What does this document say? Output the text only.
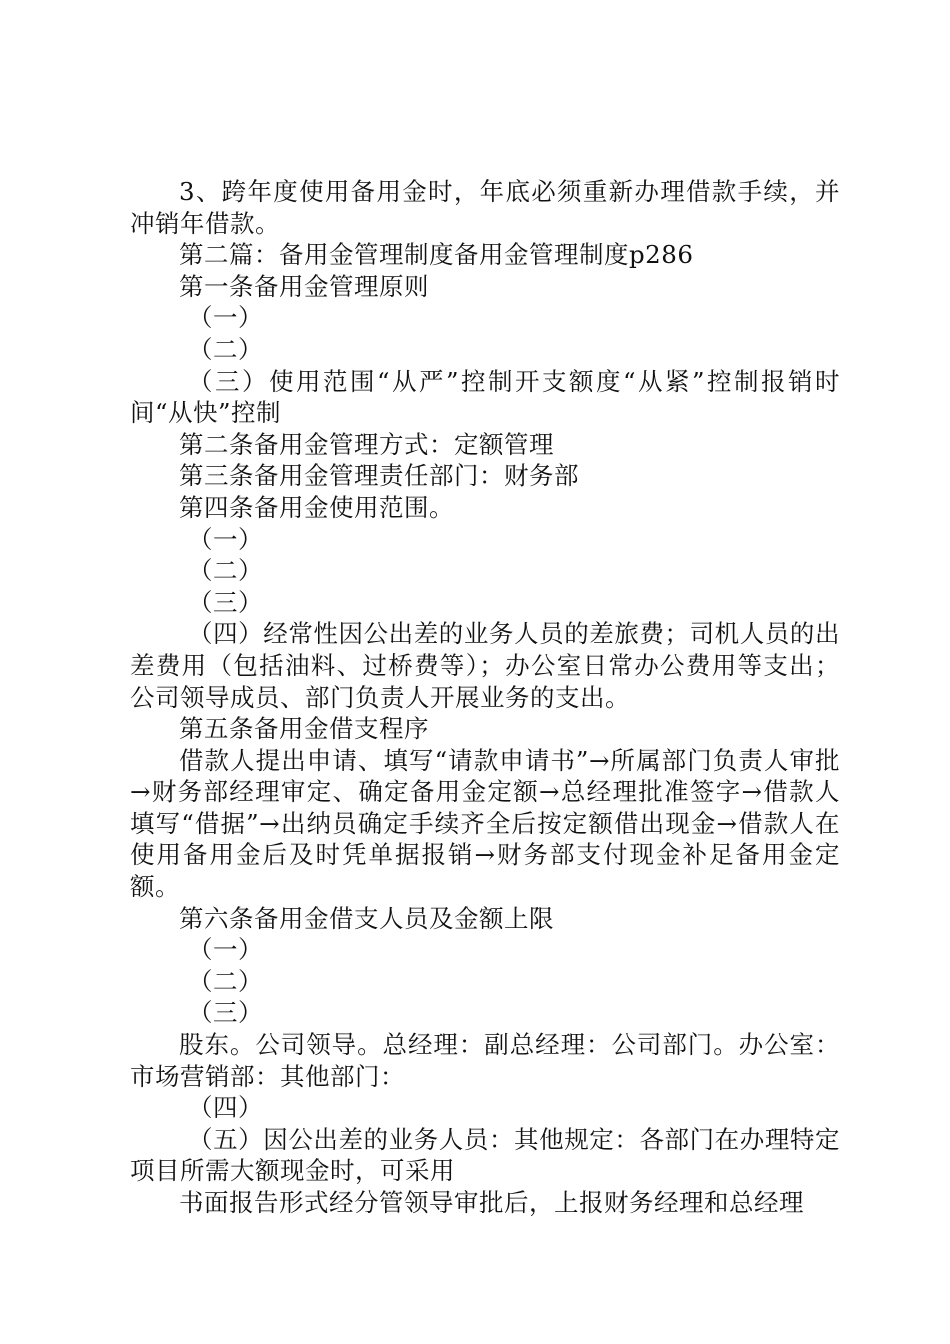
3、跨年度使用备用金时，年底必须重新办理借款手续，并冲销年借款。

第二篇：备用金管理制度备用金管理制度p286

第一条备用金管理原则

（一）

（二）

（三）使用范围“从严”控制开支额度“从紧”控制报销时间“从快”控制

第二条备用金管理方式：定额管理

第三条备用金管理责任部门：财务部

第四条备用金使用范围。

（一）

（二）

（三）

（四）经常性因公出差的业务人员的差旅费；司机人员的出差费用（包括油料、过桥费等）；办公室日常办公费用等支出；公司领导成员、部门负责人开展业务的支出。

第五条备用金借支程序

借款人提出申请、填写“请款申请书”→所属部门负责人审批→财务部经理审定、确定备用金定额→总经理批准签字→借款人填写“借据”→出纳员确定手续齐全后按定额借出现金→借款人在使用备用金后及时凭单据报销→财务部支付现金补足备用金定额。

第六条备用金借支人员及金额上限

（一）

（二）

（三）

股东。公司领导。总经理：副总经理：公司部门。办公室：市场营销部：其他部门：

（四）

（五）因公出差的业务人员：其他规定：各部门在办理特定项目所需大额现金时，可采用

书面报告形式经分管领导审批后，上报财务经理和总经理
